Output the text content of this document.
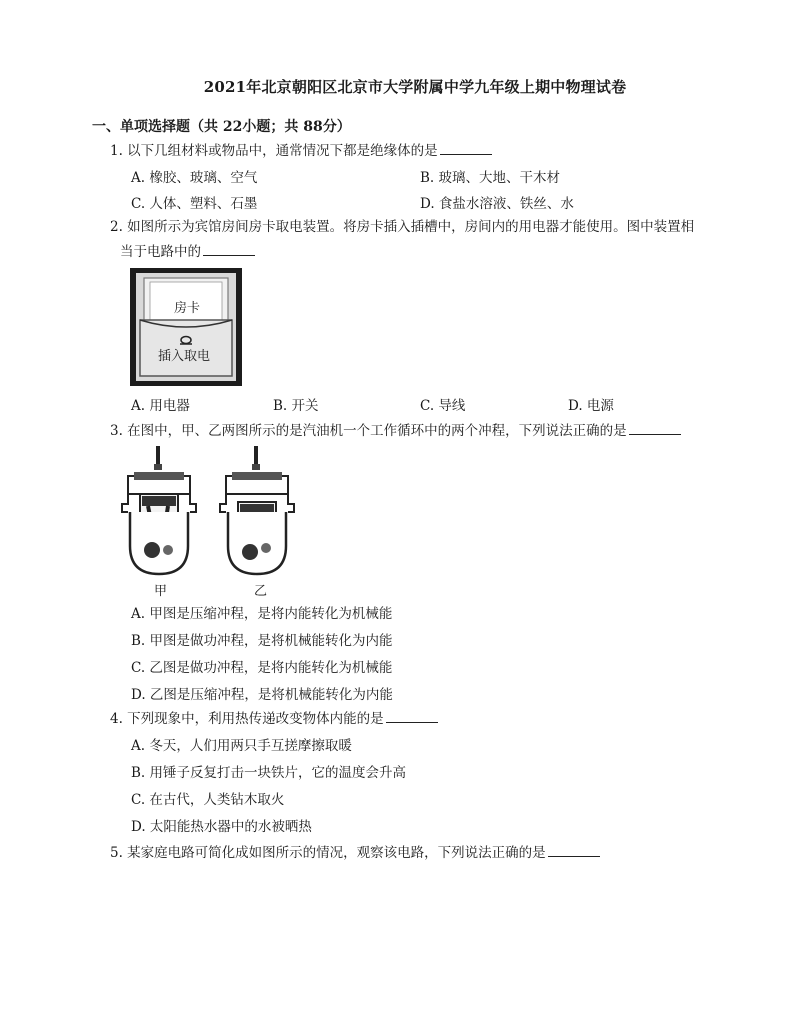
2021年北京朝阳区北京市大学附属中学九年级上期中物理试卷
一、单项选择题（共 22小题；共 88分）
1. 以下几组材料或物品中，通常情况下都是绝缘体的是
A. 橡胶、玻璃、空气	B. 玻璃、大地、干木材
C. 人体、塑料、石墨	D. 食盐水溶液、铁丝、水
2. 如图所示为宾馆房间房卡取电装置。将房卡插入插槽中，房间内的用电器才能使用。图中装置相
当于电路中的
房卡
插入取电
A. 用电器	B. 开关	C. 导线	D. 电源
3. 在图中，甲、乙两图所示的是汽油机一个工作循环中的两个冲程，下列说法正确的是
甲	乙
A. 甲图是压缩冲程，是将内能转化为机械能
B. 甲图是做功冲程，是将机械能转化为内能
C. 乙图是做功冲程，是将内能转化为机械能
D. 乙图是压缩冲程，是将机械能转化为内能
4. 下列现象中，利用热传递改变物体内能的是
A. 冬天，人们用两只手互搓摩擦取暖
B. 用锤子反复打击一块铁片，它的温度会升高
C. 在古代，人类钻木取火
D. 太阳能热水器中的水被晒热
5. 某家庭电路可简化成如图所示的情况，观察该电路，下列说法正确的是
